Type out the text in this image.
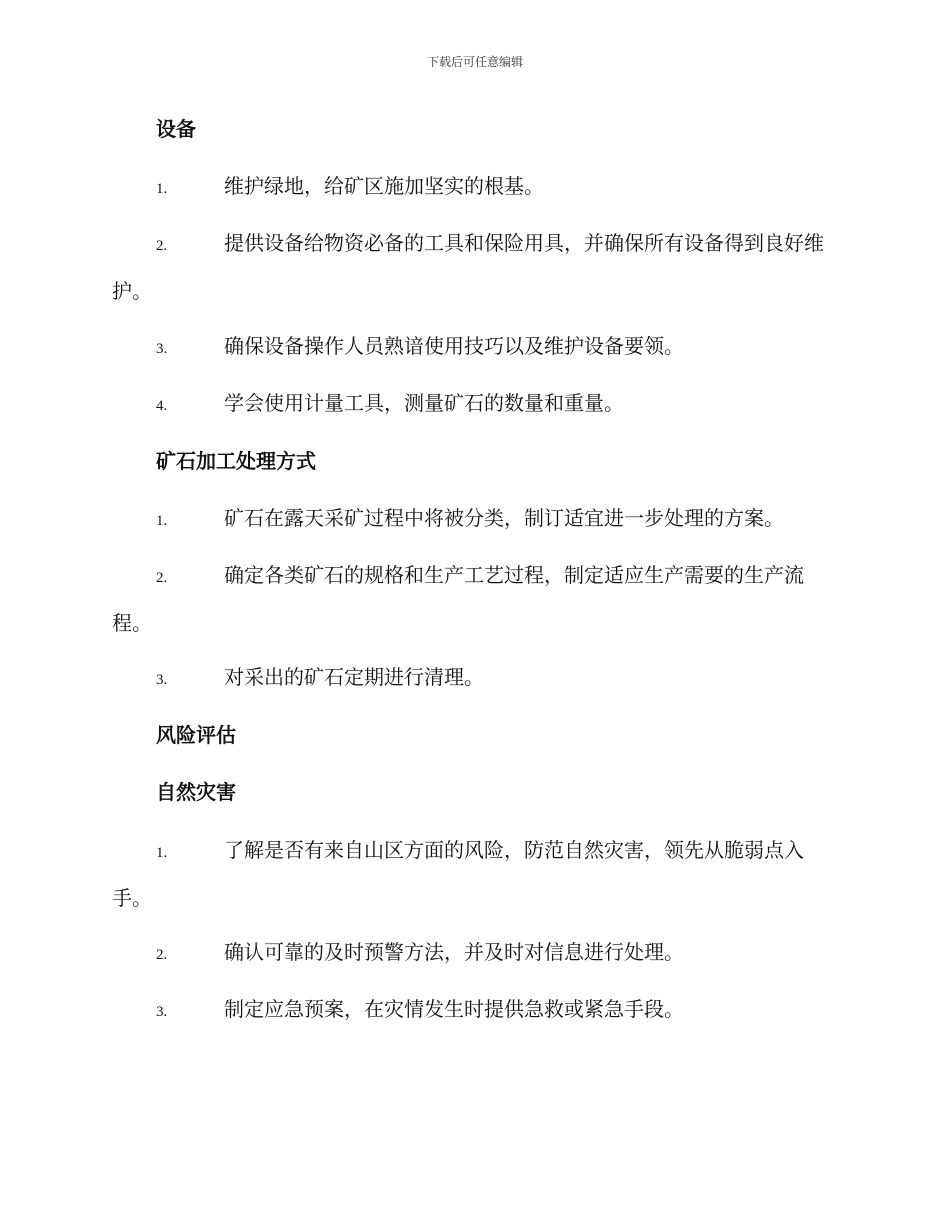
下载后可任意编辑
设备
1.	维护绿地，给矿区施加坚实的根基。
2.	提供设备给物资必备的工具和保险用具，并确保所有设备得到良好维护。
3.	确保设备操作人员熟谙使用技巧以及维护设备要领。
4.	学会使用计量工具，测量矿石的数量和重量。
矿石加工处理方式
1.	矿石在露天采矿过程中将被分类，制订适宜进一步处理的方案。
2.	确定各类矿石的规格和生产工艺过程，制定适应生产需要的生产流程。
3.	对采出的矿石定期进行清理。
风险评估
自然灾害
1.	了解是否有来自山区方面的风险，防范自然灾害，领先从脆弱点入手。
2.	确认可靠的及时预警方法，并及时对信息进行处理。
3.	制定应急预案，在灾情发生时提供急救或紧急手段。
